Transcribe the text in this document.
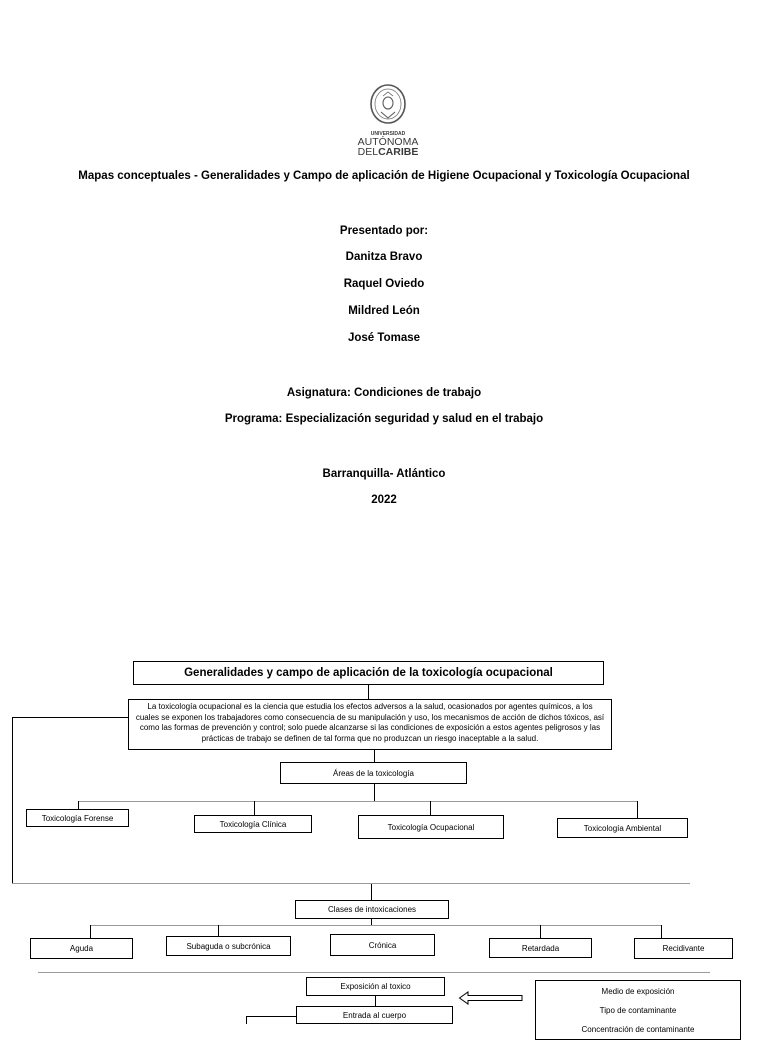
UNIVERSIDAD
AUTÓNOMA
DELCARIBE
Mapas conceptuales - Generalidades y Campo de aplicación de Higiene Ocupacional y Toxicología Ocupacional
Presentado por:
Danitza Bravo
Raquel Oviedo
Mildred León
José Tomase
Asignatura: Condiciones de trabajo
Programa: Especialización seguridad y salud en el trabajo
Barranquilla- Atlántico
2022
Generalidades y campo de aplicación de la toxicología ocupacional
La toxicología ocupacional es la ciencia que estudia los efectos adversos a la salud, ocasionados por agentes químicos, a los cuales se exponen los trabajadores como consecuencia de su manipulación y uso, los mecanismos de acción de dichos tóxicos, así como las formas de prevención y control; solo puede alcanzarse si las condiciones de exposición a estos agentes peligrosos y las prácticas de trabajo se definen de tal forma que no produzcan un riesgo inaceptable a la salud.
Áreas de la toxicología
Toxicología Forense
Toxicología Clínica	Toxicología Ocupacional	Toxicología Ambiental
Clases de intoxicaciones
Aguda	Subaguda o subcrónica	Crónica	Retardada	Recidivante
Exposición al toxico
Entrada al cuerpo
Medio de exposición
Tipo de contaminante
Concentración de contaminante
